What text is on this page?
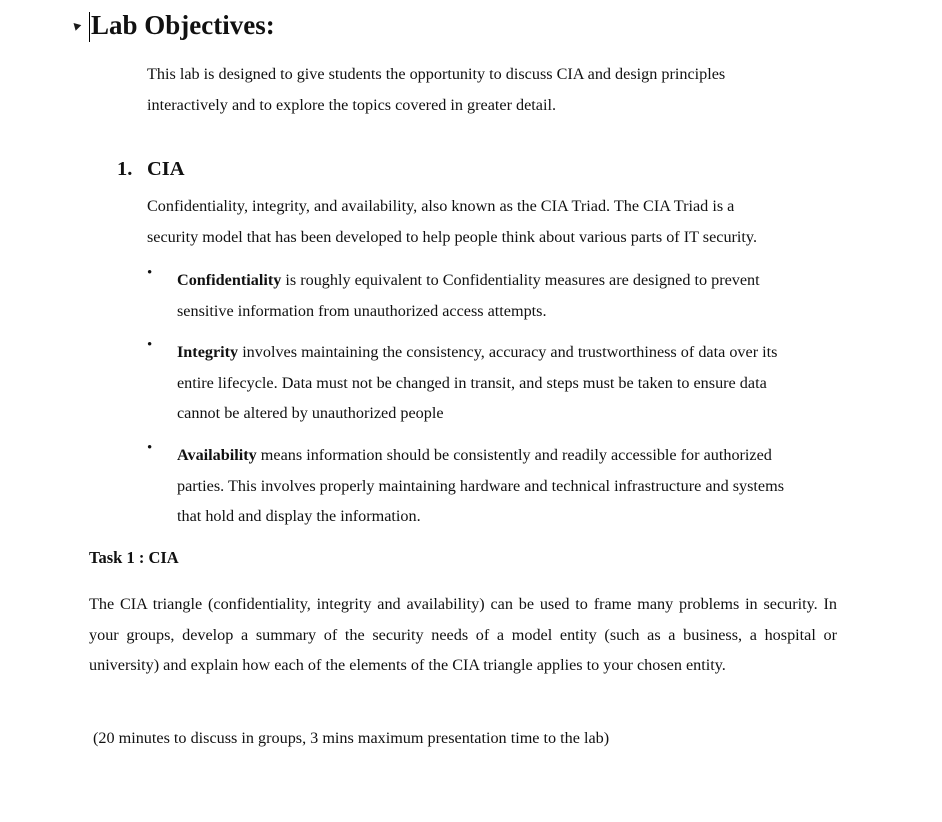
Lab Objectives:
This lab is designed to give students the opportunity to discuss CIA and design principles
interactively and to explore the topics covered in greater detail.
1. CIA
Confidentiality, integrity, and availability, also known as the CIA Triad. The CIA Triad is a
security model that has been developed to help people think about various parts of IT security.
• Confidentiality is roughly equivalent to Confidentiality measures are designed to prevent
sensitive information from unauthorized access attempts.
• Integrity involves maintaining the consistency, accuracy and trustworthiness of data over its
entire lifecycle. Data must not be changed in transit, and steps must be taken to ensure data
cannot be altered by unauthorized people
• Availability means information should be consistently and readily accessible for authorized
parties. This involves properly maintaining hardware and technical infrastructure and systems
that hold and display the information.
Task 1 : CIA

The CIA triangle (confidentiality, integrity and availability) can be used to frame many problems in security. In your groups, develop a summary of the security needs of a model entity (such as a business, a hospital or university) and explain how each of the elements of the CIA triangle applies to your chosen entity.

(20 minutes to discuss in groups, 3 mins maximum presentation time to the lab)
